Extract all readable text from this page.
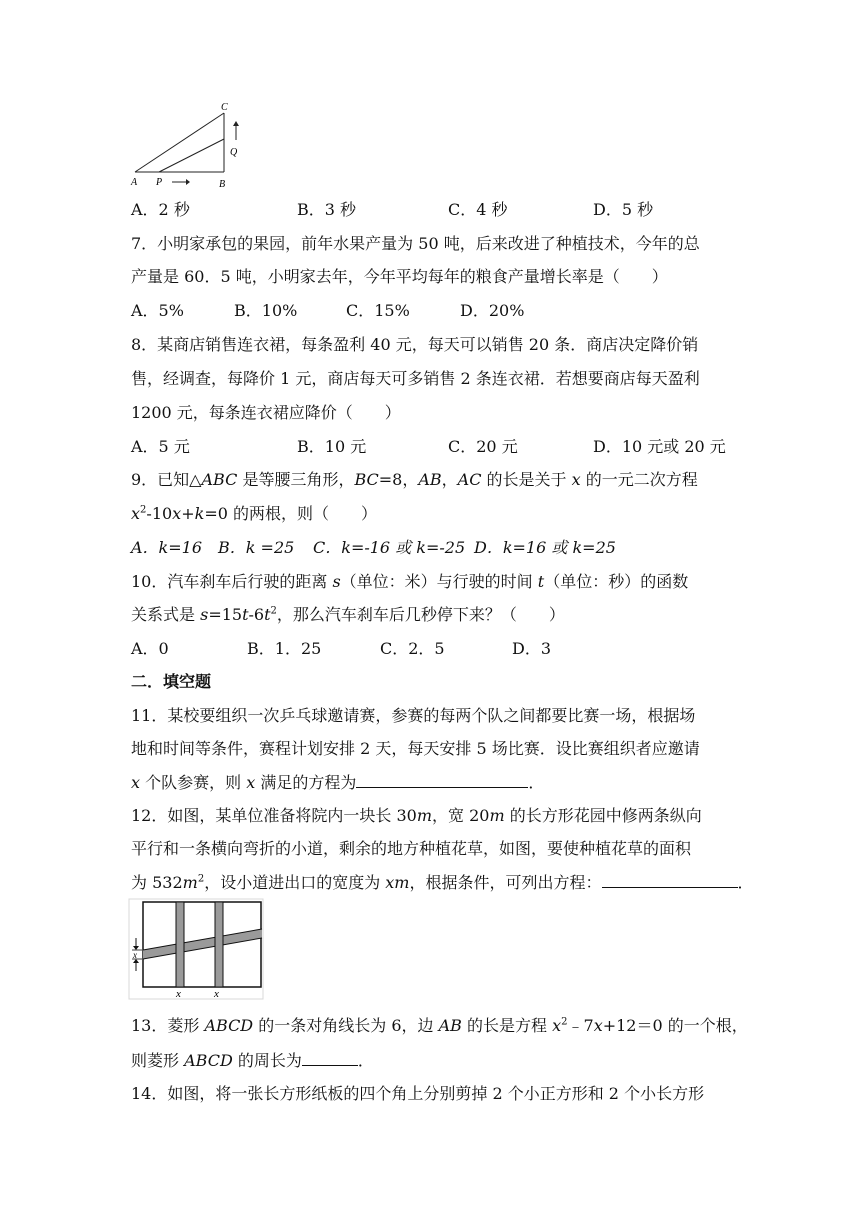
A P	B
C
Q
A．2 秒	B．3 秒	C．4 秒	D．5 秒
7．小明家承包的果园，前年水果产量为 50 吨，后来改进了种植技术，今年的总
产量是 60．5 吨，小明家去年，今年平均每年的粮食产量增长率是（　　）
A．5%	B．10%	C．15%	D．20%
8．某商店销售连衣裙，每条盈利 40 元，每天可以销售 20 条．商店决定降价销
售，经调查，每降价 1 元，商店每天可多销售 2 条连衣裙．若想要商店每天盈利
1200 元，每条连衣裙应降价（　　）
A．5 元	B．10 元	C．20 元	D．10 元或 20 元
9．已知△ABC 是等腰三角形，BC=8，AB，AC 的长是关于 x 的一元二次方程
$x^2-10x+k=0$ 的两根，则（　　）
A．k=16 B．k =25 C．k=-16 或 k=-25 D．k=16 或 k=25
10．汽车刹车后行驶的距离 s（单位：米）与行驶的时间 t（单位：秒）的函数
关系式是 $s=15t-6t^2$，那么汽车刹车后几秒停下来？（　　）
A．0	B．1．25	C．2．5	D．3
二．填空题
11．某校要组织一次乒乓球邀请赛，参赛的每两个队之间都要比赛一场，根据场
地和时间等条件，赛程计划安排 2 天，每天安排 5 场比赛．设比赛组织者应邀请
x 个队参赛，则 x 满足的方程为	．
12．如图，某单位准备将院内一块长 30m，宽 20m 的长方形花园中修两条纵向
平行和一条横向弯折的小道，剩余的地方种植花草，如图，要使种植花草的面积
为 $532m^2$，设小道进出口的宽度为 xm，根据条件，可列出方程：	．
x
x	x
13．菱形 ABCD 的一条对角线长为 6，边 AB 的长是方程 $x^2﹣7x+12=0$ 的一个根，
则菱形 ABCD 的周长为	．
14．如图，将一张长方形纸板的四个角上分别剪掉 2 个小正方形和 2 个小长方形
